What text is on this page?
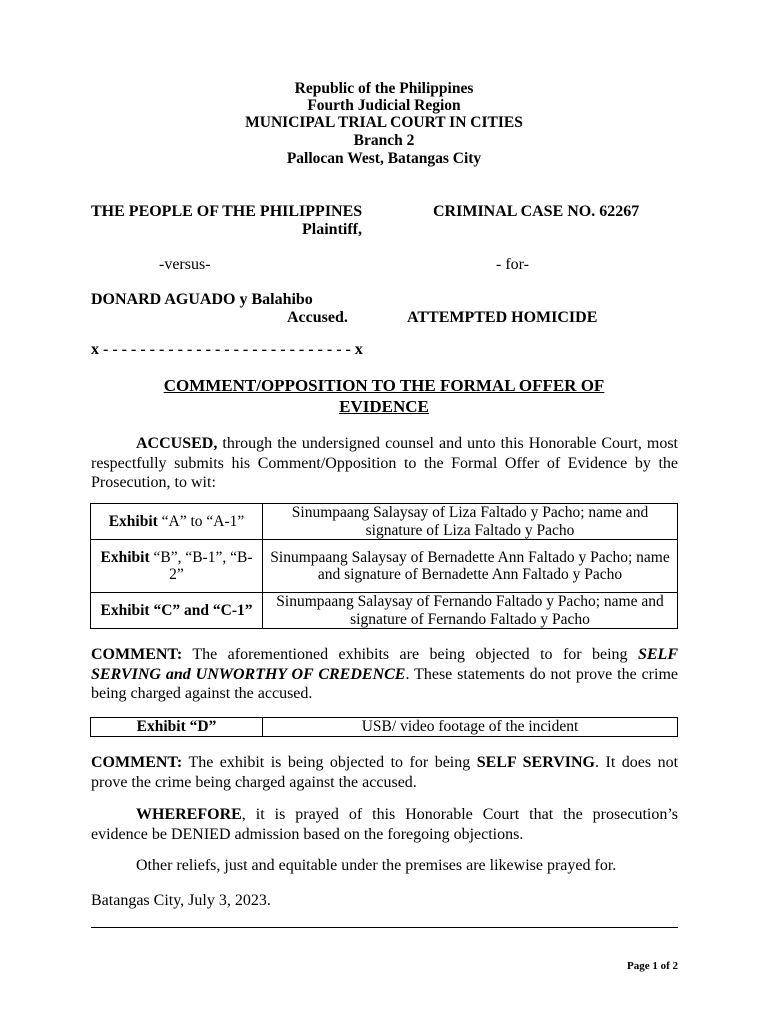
Republic of the Philippines
Fourth Judicial Region
MUNICIPAL TRIAL COURT IN CITIES
Branch 2
Pallocan West, Batangas City
THE PEOPLE OF THE PHILIPPINES
Plaintiff,
CRIMINAL CASE NO. 62267
-versus-	- for-
DONARD AGUADO y Balahibo
Accused.	ATTEMPTED HOMICIDE
x - - - - - - - - - - - - - - - - - - - - - - - - - - - x
COMMENT/OPPOSITION TO THE FORMAL OFFER OF
EVIDENCE

ACCUSED, through the undersigned counsel and unto this Honorable Court, most respectfully submits his Comment/Opposition to the Formal Offer of Evidence by the Prosecution, to wit:

Exhibit “A” to “A-1”	Sinumpaang Salaysay of Liza Faltado y Pacho; name and signature of Liza Faltado y Pacho
Exhibit “B”, “B-1”, “B-2”	Sinumpaang Salaysay of Bernadette Ann Faltado y Pacho; name and signature of Bernadette Ann Faltado y Pacho
Exhibit “C” and “C-1”	Sinumpaang Salaysay of Fernando Faltado y Pacho; name and signature of Fernando Faltado y Pacho

COMMENT: The aforementioned exhibits are being objected to for being SELF SERVING and UNWORTHY OF CREDENCE. These statements do not prove the crime being charged against the accused.

Exhibit “D”	USB/ video footage of the incident

COMMENT: The exhibit is being objected to for being SELF SERVING. It does not prove the crime being charged against the accused.

WHEREFORE, it is prayed of this Honorable Court that the prosecution’s evidence be DENIED admission based on the foregoing objections.

Other reliefs, just and equitable under the premises are likewise prayed for.
Batangas City, July 3, 2023.
Page 1 of 2
